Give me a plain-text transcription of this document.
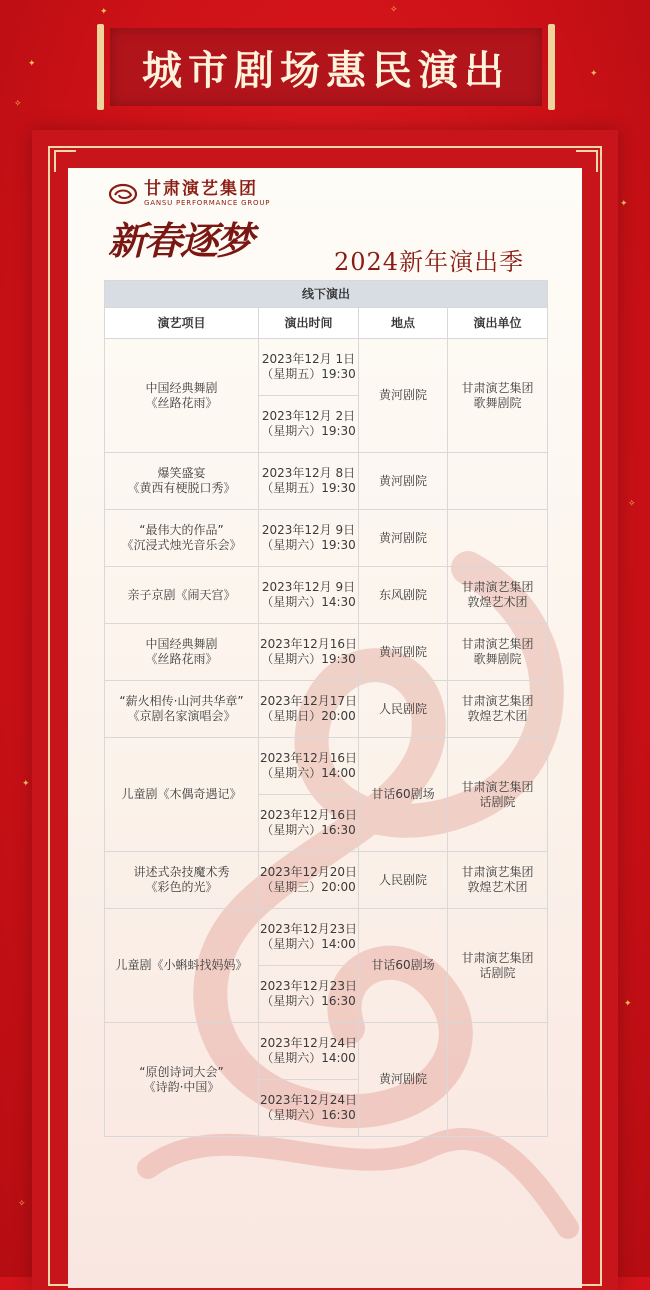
✦	✧
✦
✧
✦
✦
✧
✦
✦
✧
城市剧场惠民演出
甘肃演艺集团
GANSU PERFORMANCE GROUP
新春逐梦	2024新年演出季
线下演出			
演艺项目	演出时间	地点	演出单位
中国经典舞剧
《丝路花雨》	2023年12月 1日
（星期五）19:30	黄河剧院	甘肃演艺集团
歌舞剧院
	2023年12月 2日
（星期六）19:30		
爆笑盛宴
《黄西有梗脱口秀》	2023年12月 8日
（星期五）19:30	黄河剧院	
“最伟大的作品”
《沉浸式烛光音乐会》	2023年12月 9日
（星期六）19:30	黄河剧院	
亲子京剧《闹天宫》	2023年12月 9日
（星期六）14:30	东风剧院	甘肃演艺集团
敦煌艺术团
中国经典舞剧
《丝路花雨》	2023年12月16日
（星期六）19:30	黄河剧院	甘肃演艺集团
歌舞剧院
“薪火相传·山河共华章”
《京剧名家演唱会》	2023年12月17日
（星期日）20:00	人民剧院	甘肃演艺集团
敦煌艺术团
儿童剧《木偶奇遇记》	2023年12月16日
（星期六）14:00	甘话60剧场	甘肃演艺集团
话剧院
	2023年12月16日
（星期六）16:30		
讲述式杂技魔术秀
《彩色的光》	2023年12月20日
（星期三）20:00	人民剧院	甘肃演艺集团
敦煌艺术团
儿童剧《小蝌蚪找妈妈》	2023年12月23日
（星期六）14:00	甘话60剧场	甘肃演艺集团
话剧院
	2023年12月23日
（星期六）16:30		
“原创诗词大会”
《诗韵·中国》	2023年12月24日
（星期六）14:00	黄河剧院	
	2023年12月24日
（星期六）16:30		
